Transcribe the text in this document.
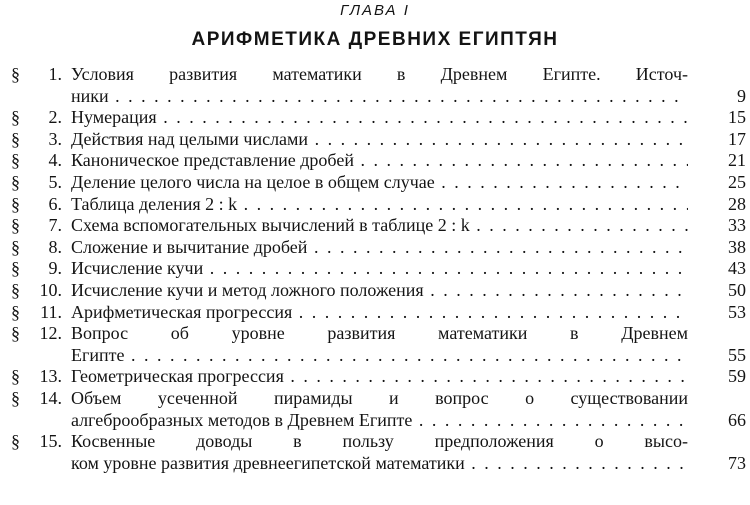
ГЛАВА I
АРИФМЕТИКА ДРЕВНИХ ЕГИПТЯН
§	1. Условия развития математики в Древнем Египте. Источ-
ники . . .	9
§	2. Нумерация . . .	15
§	3. Действия над целыми числами . . .	17
§	4. Каноническое представление дробей . . .	21
§	5. Деление целого числа на целое в общем случае . . .	25
§	6. Таблица деления 2 : k . . .	28
§	7. Схема вспомогательных вычислений в таблице 2 : k . . .	33
§	8. Сложение и вычитание дробей . . .	38
§	9. Исчисление кучи . . .	43
§	10. Исчисление кучи и метод ложного положения . . .	50
§	11. Арифметическая прогрессия . . .	53
§	12. Вопрос об уровне развития математики в Древнем
Египте . . .	55
§	13. Геометрическая прогрессия . . .	59
§	14. Объем усеченной пирамиды и вопрос о существовании
алгеброобразных методов в Древнем Египте . . .	66
§	15. Косвенные доводы в пользу предположения о высо-
ком уровне развития древнеегипетской математики . . .	73
